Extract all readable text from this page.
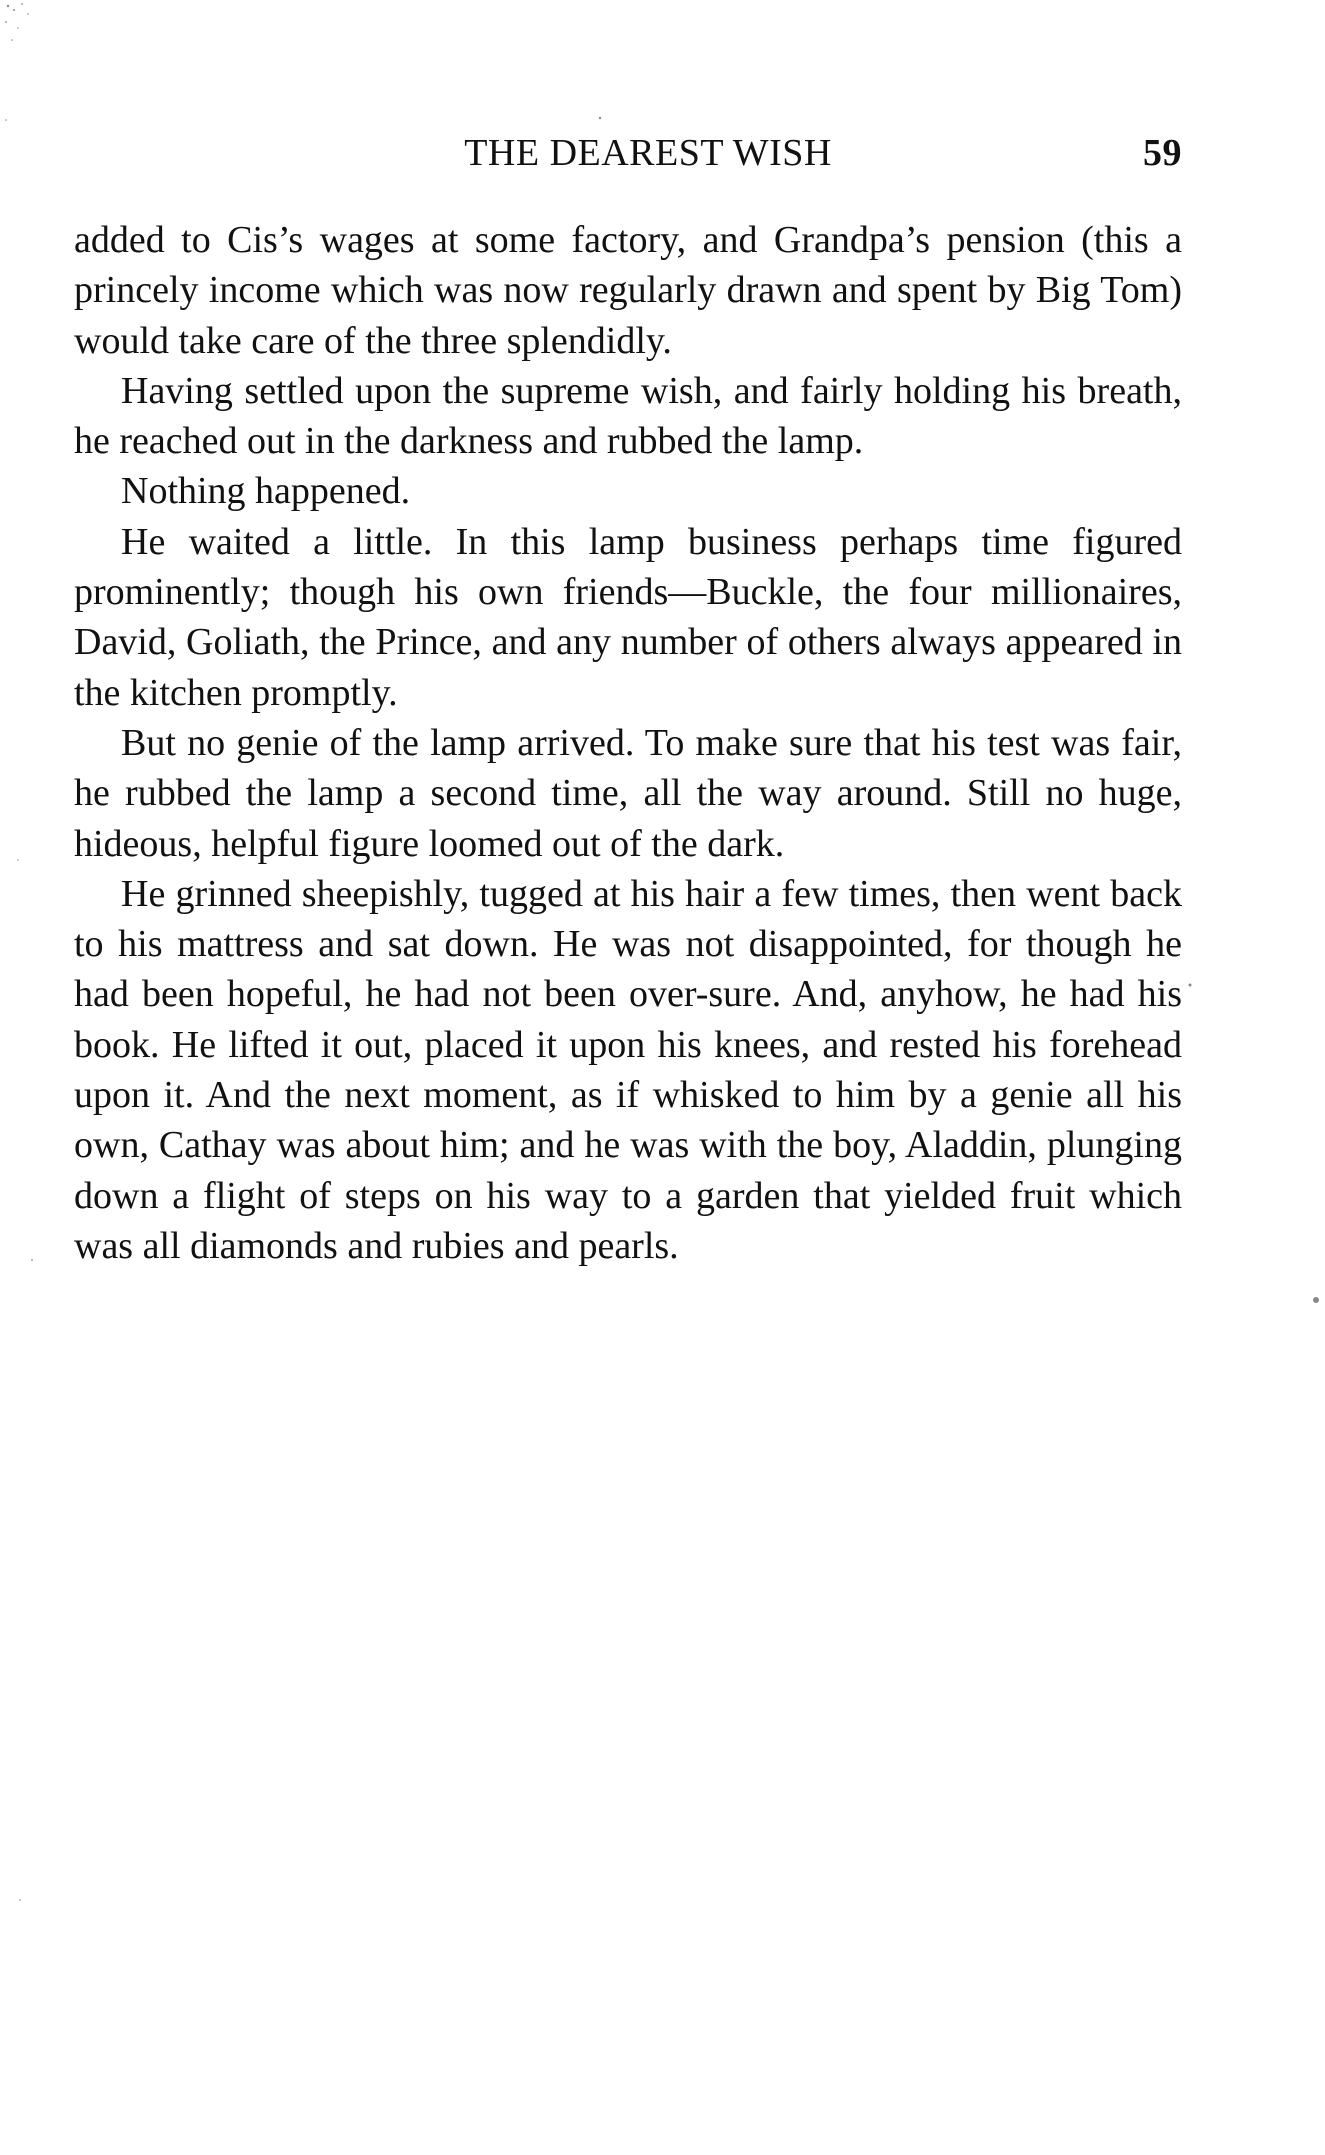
THE DEAREST WISH	59

added to Cis’s wages at some factory, and Grandpa’s pension (this a princely income which was now regularly drawn and spent by Big Tom) would take care of the three splendidly.

Having settled upon the supreme wish, and fairly holding his breath, he reached out in the darkness and rubbed the lamp.

Nothing happened.

He waited a little. In this lamp business perhaps time figured prominently; though his own friends—Buckle, the four millionaires, David, Goliath, the Prince, and any number of others always appeared in the kitchen promptly.

But no genie of the lamp arrived. To make sure that his test was fair, he rubbed the lamp a second time, all the way around. Still no huge, hideous, helpful figure loomed out of the dark.

He grinned sheepishly, tugged at his hair a few times, then went back to his mattress and sat down. He was not disappointed, for though he had been hopeful, he had not been over-sure. And, anyhow, he had his book. He lifted it out, placed it upon his knees, and rested his forehead upon it. And the next moment, as if whisked to him by a genie all his own, Cathay was about him; and he was with the boy, Aladdin, plunging down a flight of steps on his way to a garden that yielded fruit which was all diamonds and rubies and pearls.
